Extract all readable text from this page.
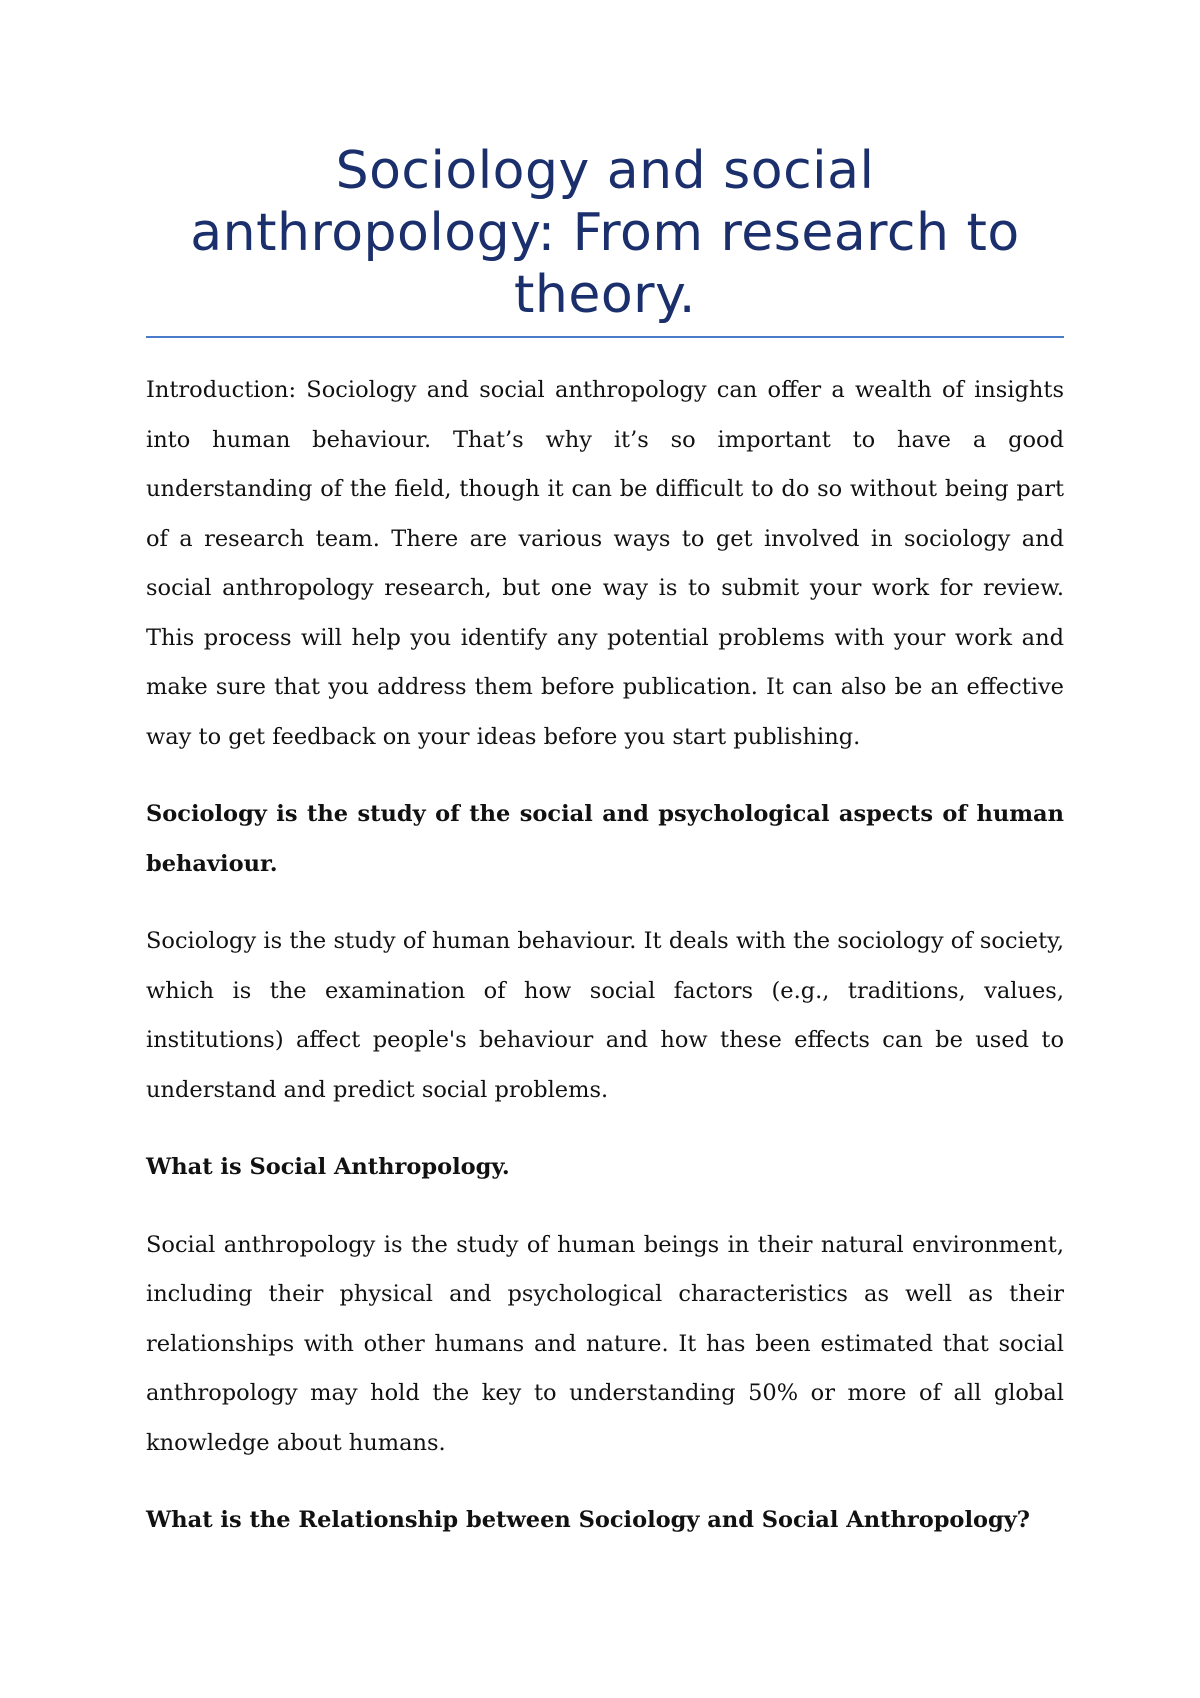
Sociology and social anthropology: From research to theory.

Introduction: Sociology and social anthropology can offer a wealth of insights into human behaviour. That’s why it’s so important to have a good understanding of the field, though it can be difficult to do so without being part of a research team. There are various ways to get involved in sociology and social anthropology research, but one way is to submit your work for review. This process will help you identify any potential problems with your work and make sure that you address them before publication. It can also be an effective way to get feedback on your ideas before you start publishing.

Sociology is the study of the social and psychological aspects of human behaviour.

Sociology is the study of human behaviour. It deals with the sociology of society, which is the examination of how social factors (e.g., traditions, values, institutions) affect people's behaviour and how these effects can be used to understand and predict social problems.

What is Social Anthropology.

Social anthropology is the study of human beings in their natural environment, including their physical and psychological characteristics as well as their relationships with other humans and nature. It has been estimated that social anthropology may hold the key to understanding 50% or more of all global knowledge about humans.

What is the Relationship between Sociology and Social Anthropology?
